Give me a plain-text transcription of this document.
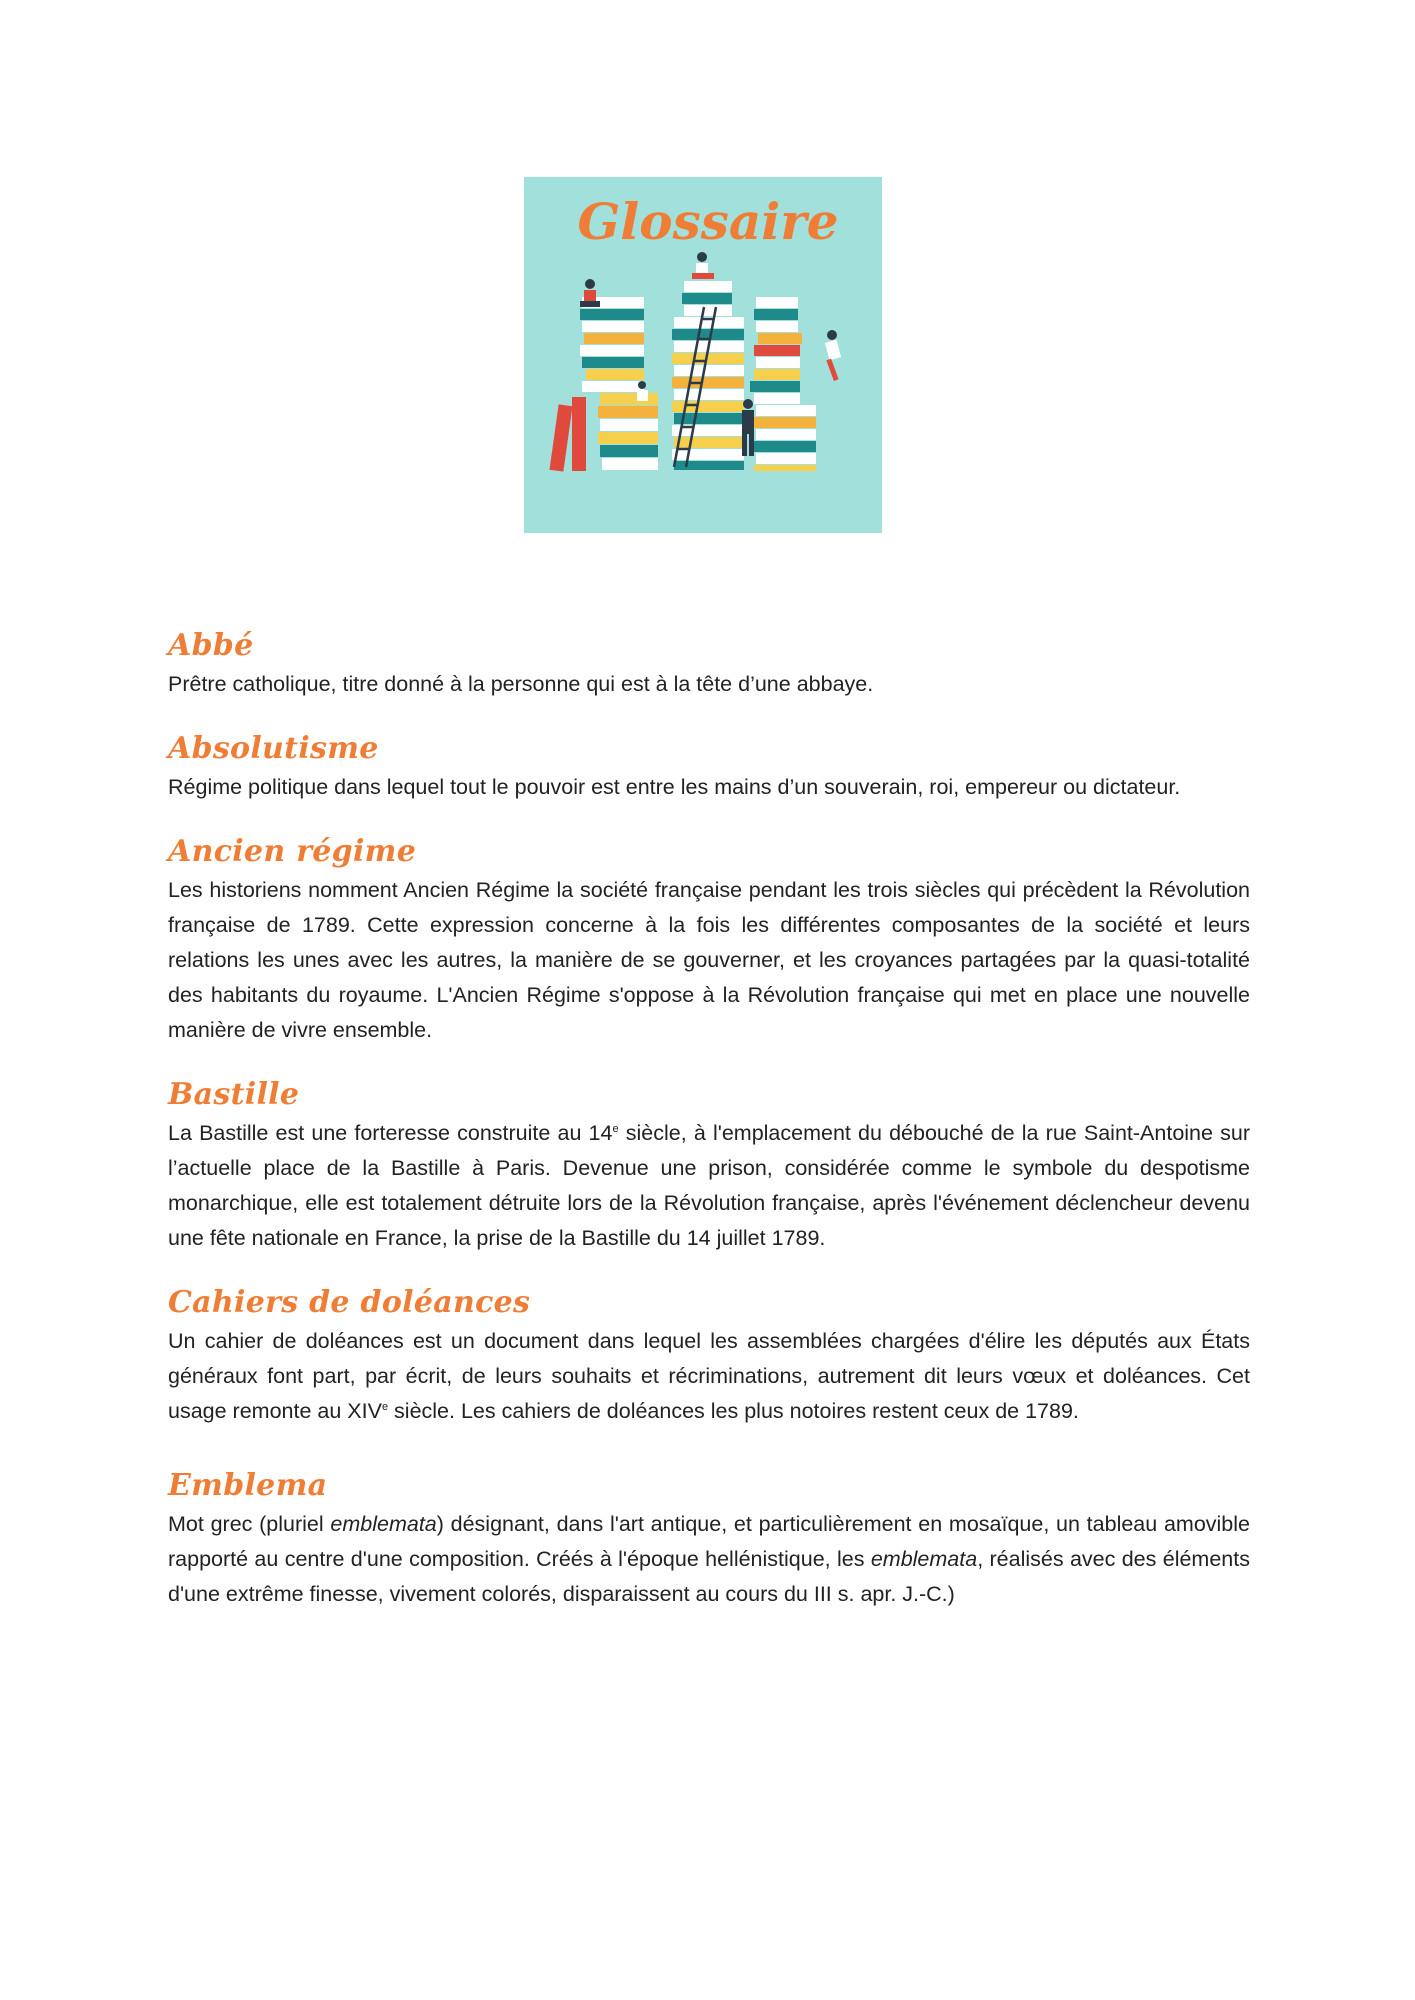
Glossaire
Abbé

Prêtre catholique, titre donné à la personne qui est à la tête d’une abbaye.

Absolutisme

Régime politique dans lequel tout le pouvoir est entre les mains d’un souverain, roi, empereur ou dictateur.

Ancien régime

Les historiens nomment Ancien Régime la société française pendant les trois siècles qui précèdent la Révolution française de 1789. Cette expression concerne à la fois les différentes composantes de la société et leurs relations les unes avec les autres, la manière de se gouverner, et les croyances partagées par la quasi-totalité des habitants du royaume. L'Ancien Régime s'oppose à la Révolution française qui met en place une nouvelle manière de vivre ensemble.

Bastille

La Bastille est une forteresse construite au 14e siècle, à l'emplacement du débouché de la rue Saint-Antoine sur l’actuelle place de la Bastille à Paris. Devenue une prison, considérée comme le symbole du despotisme monarchique, elle est totalement détruite lors de la Révolution française, après l'événement déclencheur devenu une fête nationale en France, la prise de la Bastille du 14 juillet 1789.

Cahiers de doléances

Un cahier de doléances est un document dans lequel les assemblées chargées d'élire les députés aux États généraux font part, par écrit, de leurs souhaits et récriminations, autrement dit leurs vœux et doléances. Cet usage remonte au XIVe siècle. Les cahiers de doléances les plus notoires restent ceux de 1789.

Emblema

Mot grec (pluriel emblemata) désignant, dans l'art antique, et particulièrement en mosaïque, un tableau amovible rapporté au centre d'une composition. Créés à l'époque hellénistique, les emblemata, réalisés avec des éléments d'une extrême finesse, vivement colorés, disparaissent au cours du III s. apr. J.-C.)
